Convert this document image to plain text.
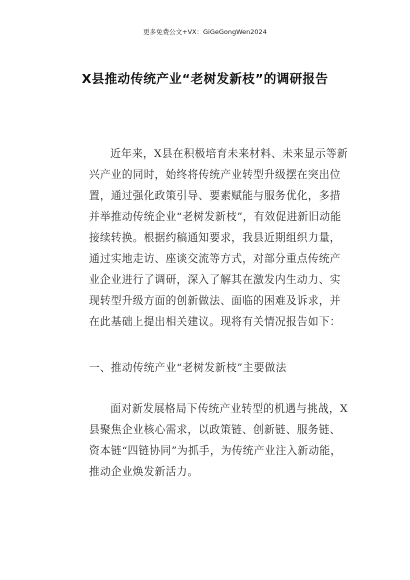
更多免费公文+VX：GiGeGongWen2024
X县推动传统产业“老树发新枝”的调研报告

近年来，X县在积极培育未来材料、未来显示等新兴产业的同时，始终将传统产业转型升级摆在突出位置，通过强化政策引导、要素赋能与服务优化，多措并举推动传统企业“老树发新枝”，有效促进新旧动能接续转换。根据约稿通知要求，我县近期组织力量，通过实地走访、座谈交流等方式，对部分重点传统产业企业进行了调研，深入了解其在激发内生动力、实现转型升级方面的创新做法、面临的困难及诉求，并在此基础上提出相关建议。现将有关情况报告如下：

一、推动传统产业“老树发新枝”主要做法

面对新发展格局下传统产业转型的机遇与挑战，X县聚焦企业核心需求，以政策链、创新链、服务链、资本链“四链协同”为抓手，为传统产业注入新动能，推动企业焕发新活力。
